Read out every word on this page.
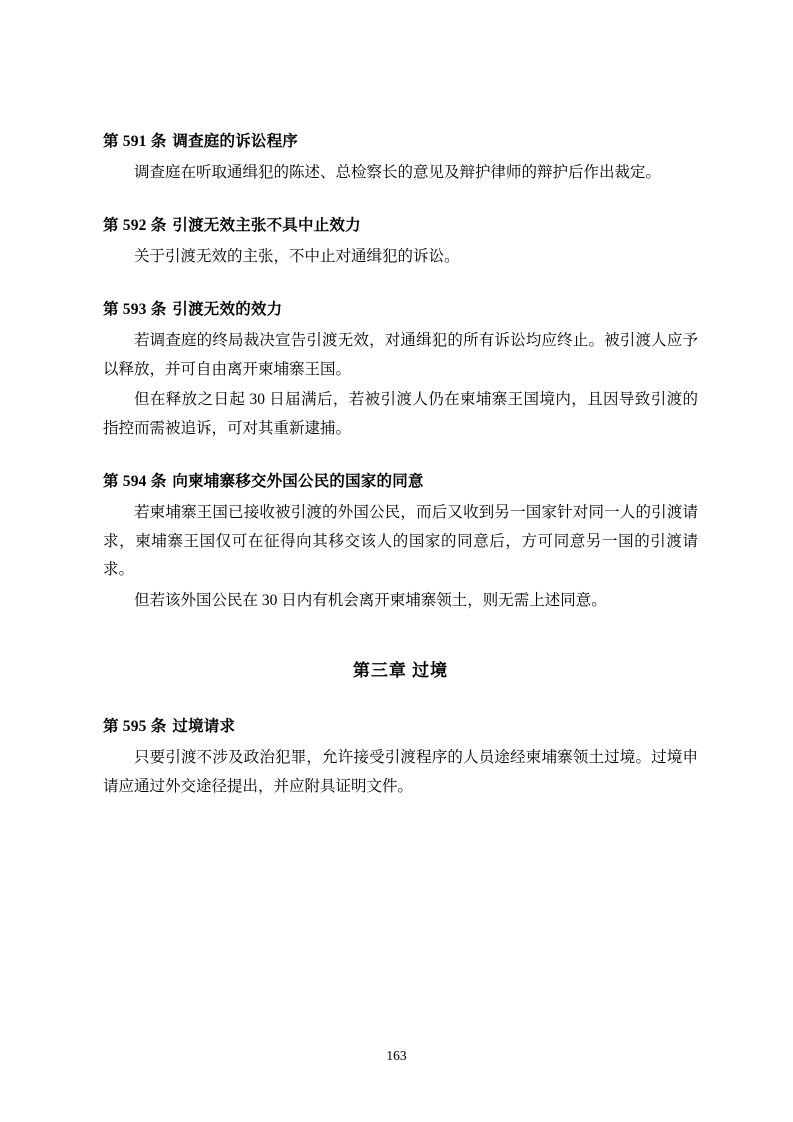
第 591 条 调查庭的诉讼程序

调查庭在听取通缉犯的陈述、总检察长的意见及辩护律师的辩护后作出裁定。

第 592 条 引渡无效主张不具中止效力

关于引渡无效的主张，不中止对通缉犯的诉讼。

第 593 条 引渡无效的效力

若调查庭的终局裁决宣告引渡无效，对通缉犯的所有诉讼均应终止。被引渡人应予以释放，并可自由离开柬埔寨王国。

但在释放之日起 30 日届满后，若被引渡人仍在柬埔寨王国境内，且因导致引渡的指控而需被追诉，可对其重新逮捕。

第 594 条 向柬埔寨移交外国公民的国家的同意

若柬埔寨王国已接收被引渡的外国公民，而后又收到另一国家针对同一人的引渡请求，柬埔寨王国仅可在征得向其移交该人的国家的同意后，方可同意另一国的引渡请求。

但若该外国公民在 30 日内有机会离开柬埔寨领土，则无需上述同意。

第三章 过境

第 595 条 过境请求

只要引渡不涉及政治犯罪，允许接受引渡程序的人员途经柬埔寨领土过境。过境申请应通过外交途径提出，并应附具证明文件。

163
